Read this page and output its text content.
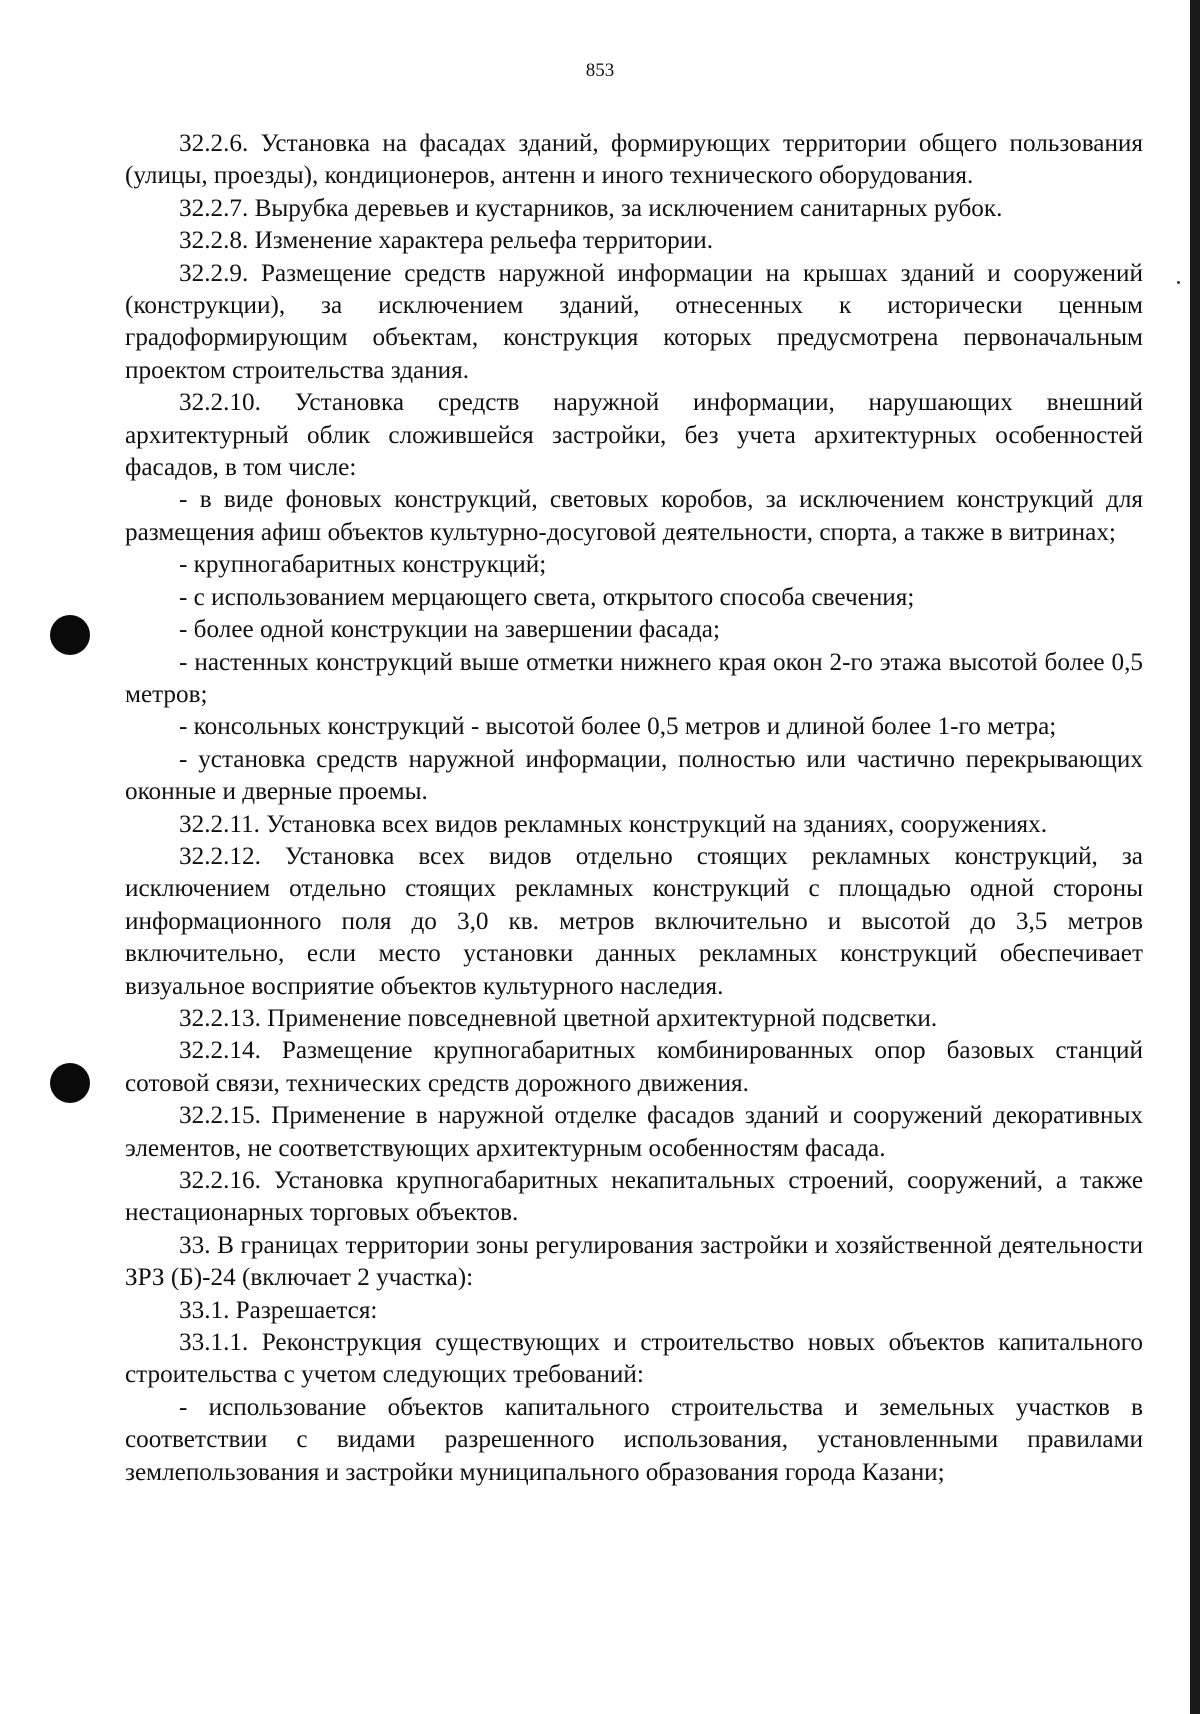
853

32.2.6. Установка на фасадах зданий, формирующих территории общего пользования (улицы, проезды), кондиционеров, антенн и иного технического оборудования.

32.2.7. Вырубка деревьев и кустарников, за исключением санитарных рубок.

32.2.8. Изменение характера рельефа территории.

32.2.9. Размещение средств наружной информации на крышах зданий и сооружений (конструкции), за исключением зданий, отнесенных к исторически ценным градоформирующим объектам, конструкция которых предусмотрена первоначальным проектом строительства здания.

32.2.10. Установка средств наружной информации, нарушающих внешний архитектурный облик сложившейся застройки, без учета архитектурных особенностей фасадов, в том числе:

- в виде фоновых конструкций, световых коробов, за исключением конструкций для размещения афиш объектов культурно-досуговой деятельности, спорта, а также в витринах;

- крупногабаритных конструкций;

- с использованием мерцающего света, открытого способа свечения;

- более одной конструкции на завершении фасада;

- настенных конструкций выше отметки нижнего края окон 2-го этажа высотой более 0,5 метров;

- консольных конструкций - высотой более 0,5 метров и длиной более 1-го метра;

- установка средств наружной информации, полностью или частично перекрывающих оконные и дверные проемы.

32.2.11. Установка всех видов рекламных конструкций на зданиях, сооружениях.

32.2.12. Установка всех видов отдельно стоящих рекламных конструкций, за исключением отдельно стоящих рекламных конструкций с площадью одной стороны информационного поля до 3,0 кв. метров включительно и высотой до 3,5 метров включительно, если место установки данных рекламных конструкций обеспечивает визуальное восприятие объектов культурного наследия.

32.2.13. Применение повседневной цветной архитектурной подсветки.

32.2.14. Размещение крупногабаритных комбинированных опор базовых станций сотовой связи, технических средств дорожного движения.

32.2.15. Применение в наружной отделке фасадов зданий и сооружений декоративных элементов, не соответствующих архитектурным особенностям фасада.

32.2.16. Установка крупногабаритных некапитальных строений, сооружений, а также нестационарных торговых объектов.

33. В границах территории зоны регулирования застройки и хозяйственной деятельности ЗРЗ (Б)-24 (включает 2 участка):

33.1. Разрешается:

33.1.1. Реконструкция существующих и строительство новых объектов капитального строительства с учетом следующих требований:

- использование объектов капитального строительства и земельных участков в соответствии с видами разрешенного использования, установленными правилами землепользования и застройки муниципального образования города Казани;
